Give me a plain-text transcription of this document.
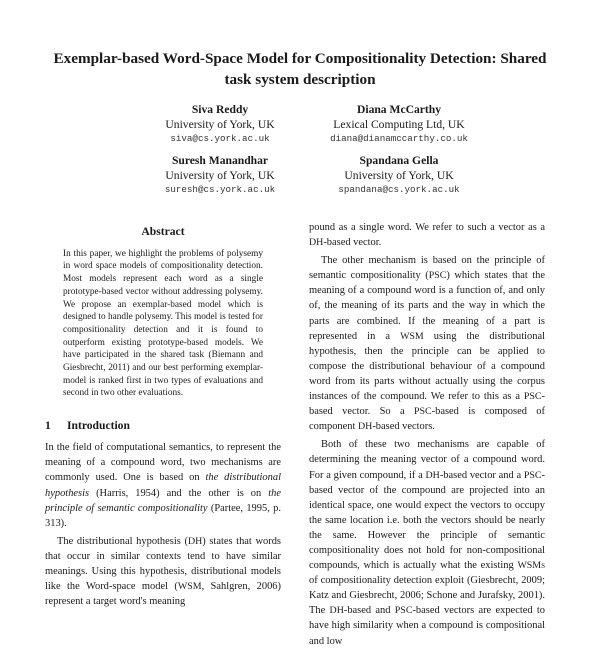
Exemplar-based Word-Space Model for Compositionality Detection: Shared task system description
Siva Reddy
University of York, UK
siva@cs.york.ac.uk
Diana McCarthy
Lexical Computing Ltd, UK
diana@dianamccarthy.co.uk
Suresh Manandhar
University of York, UK
suresh@cs.york.ac.uk
Spandana Gella
University of York, UK
spandana@cs.york.ac.uk
Abstract

In this paper, we highlight the problems of polysemy in word space models of compositionality detection. Most models represent each word as a single prototype-based vector without addressing polysemy. We propose an exemplar-based model which is designed to handle polysemy. This model is tested for compositionality detection and it is found to outperform existing prototype-based models. We have participated in the shared task (Biemann and Giesbrecht, 2011) and our best performing exemplar-model is ranked first in two types of evaluations and second in two other evaluations.

1 Introduction

In the field of computational semantics, to represent the meaning of a compound word, two mechanisms are commonly used. One is based on the distributional hypothesis (Harris, 1954) and the other is on the principle of semantic compositionality (Partee, 1995, p. 313).

The distributional hypothesis (DH) states that words that occur in similar contexts tend to have similar meanings. Using this hypothesis, distributional models like the Word-space model (WSM, Sahlgren, 2006) represent a target word's meaning

pound as a single word. We refer to such a vector as a DH-based vector.

The other mechanism is based on the principle of semantic compositionality (PSC) which states that the meaning of a compound word is a function of, and only of, the meaning of its parts and the way in which the parts are combined. If the meaning of a part is represented in a WSM using the distributional hypothesis, then the principle can be applied to compose the distributional behaviour of a compound word from its parts without actually using the corpus instances of the compound. We refer to this as a PSC-based vector. So a PSC-based is composed of component DH-based vectors.

Both of these two mechanisms are capable of determining the meaning vector of a compound word. For a given compound, if a DH-based vector and a PSC-based vector of the compound are projected into an identical space, one would expect the vectors to occupy the same location i.e. both the vectors should be nearly the same. However the principle of semantic compositionality does not hold for non-compositional compounds, which is actually what the existing WSMs of compositionality detection exploit (Giesbrecht, 2009; Katz and Giesbrecht, 2006; Schone and Jurafsky, 2001). The DH-based and PSC-based vectors are expected to have high similarity when a compound is compositional and low
